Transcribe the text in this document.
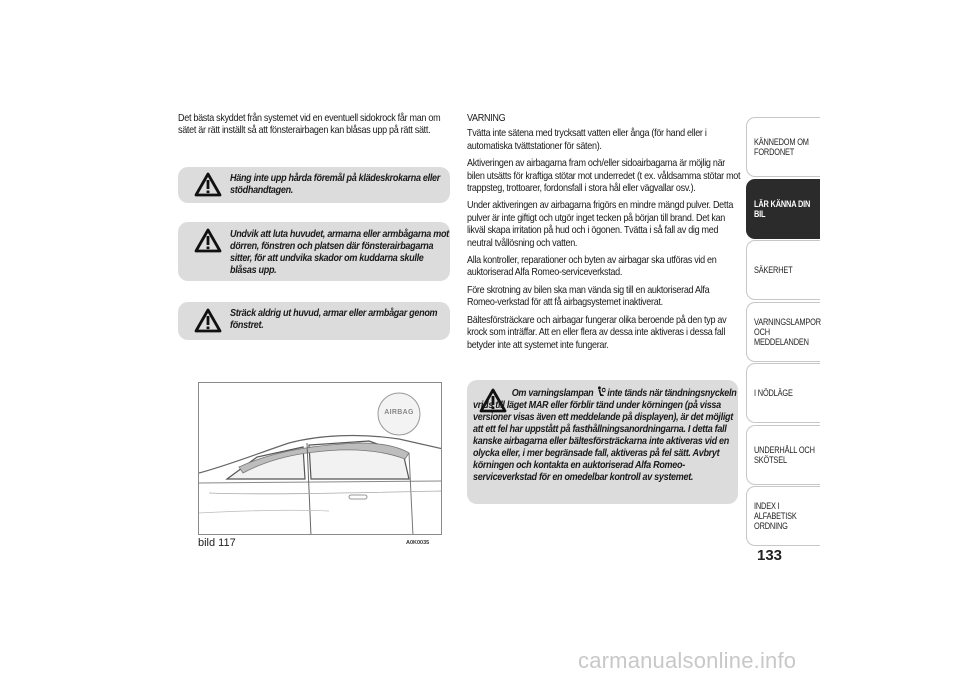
Det bästa skyddet från systemet vid en eventuell sidokrock får man om sätet är rätt inställt så att fönsterairbagen kan blåsas upp på rätt sätt.

Häng inte upp hårda föremål på klädeskrokarna eller stödhandtagen.
Undvik att luta huvudet, armarna eller armbågarna mot dörren, fönstren och platsen där fönsterairbagarna sitter, för att undvika skador om kuddarna skulle blåsas upp.
Sträck aldrig ut huvud, armar eller armbågar genom fönstret.
AIRBAG
bild 117	A0K0035

VARNING

Tvätta inte sätena med trycksatt vatten eller ånga (för hand eller i automatiska tvättstationer för säten).

Aktiveringen av airbagarna fram och/eller sidoairbagarna är möjlig när bilen utsätts för kraftiga stötar mot underredet (t ex. våldsamma stötar mot trappsteg, trottoarer, fordonsfall i stora hål eller vägvallar osv.).

Under aktiveringen av airbagarna frigörs en mindre mängd pulver. Detta pulver är inte giftigt och utgör inget tecken på början till brand. Det kan likväl skapa irritation på hud och i ögonen. Tvätta i så fall av dig med neutral tvållösning och vatten.

Alla kontroller, reparationer och byten av airbagar ska utföras vid en auktoriserad Alfa Romeo-serviceverkstad.

Före skrotning av bilen ska man vända sig till en auktoriserad Alfa Romeo-verkstad för att få airbagsystemet inaktiverat.

Bältesförsträckare och airbagar fungerar olika beroende på den typ av krock som inträffar. Att en eller flera av dessa inte aktiveras i dessa fall betyder inte att systemet inte fungerar.

Om varningslampan inte tänds när tändningsnyckeln vrids till läget MAR eller förblir tänd under körningen (på vissa versioner visas även ett meddelande på displayen), är det möjligt att ett fel har uppstått på fasthållningsanordningarna. I detta fall kanske airbagarna eller bältesförsträckarna inte aktiveras vid en olycka eller, i mer begränsade fall, aktiveras på fel sätt. Avbryt körningen och kontakta en auktoriserad Alfa Romeo-serviceverkstad för en omedelbar kontroll av systemet.
KÄNNEDOM OM FORDONET
LÄR KÄNNA DIN BIL
SÄKERHET
VARNINGSLAMPOR OCH MEDDELANDEN
I NÖDLÄGE
UNDERHÅLL OCH SKÖTSEL
INDEX I ALFABETISK ORDNING
133
carmanualsonline.info
